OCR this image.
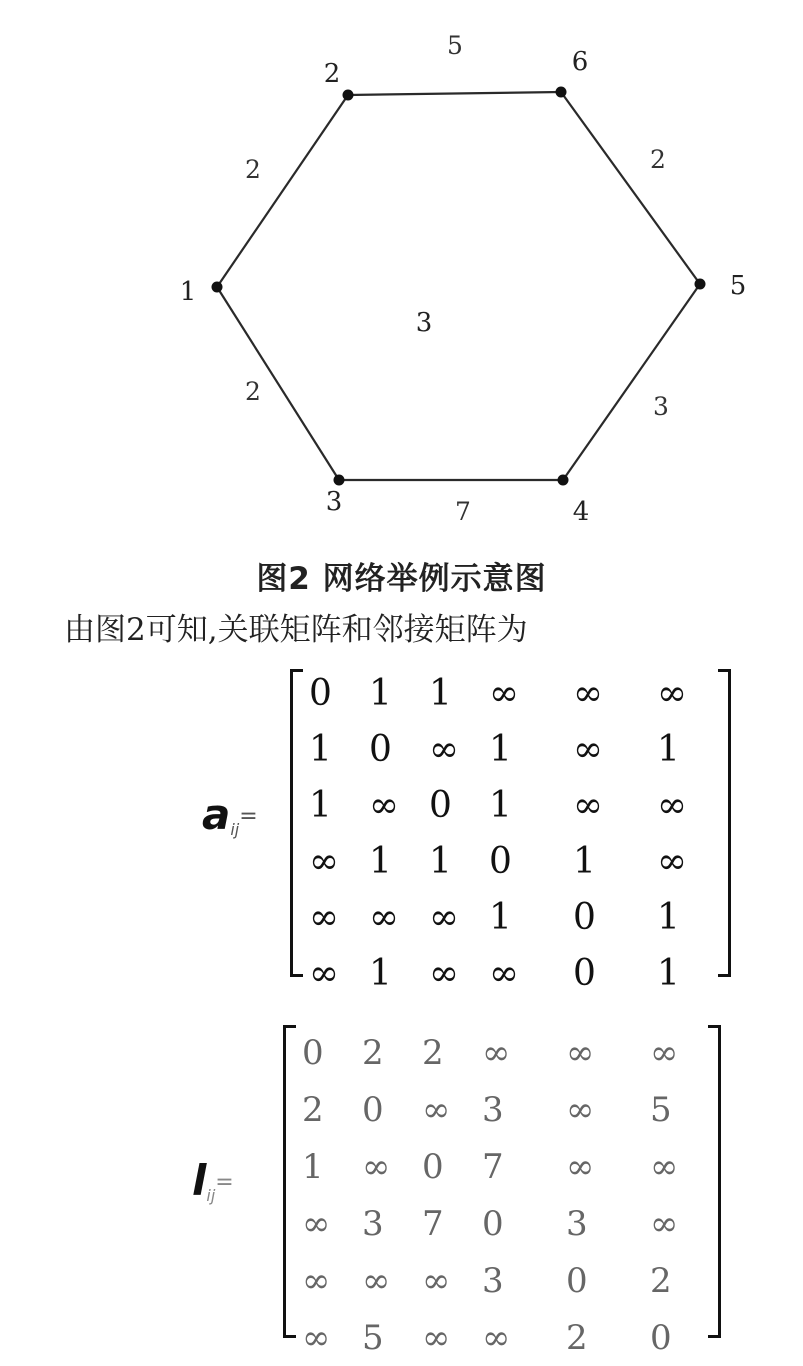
2
5
2
3
7
2
1
2
3	4
5
6
3
图2 网络举例示意图
由图2可知,关联矩阵和邻接矩阵为
aij=
0	1	1	∞	∞	∞
1	0	∞ 1	∞	1
1	∞ 0	1	∞	∞
∞ 1	1	0	1	∞
∞ ∞ ∞ 1	0	1
∞ 1	∞ ∞	0	1
lij=
0	2	2	∞	∞	∞
2	0	∞ 3	∞	5
1	∞ 0	7	∞	∞
∞ 3	7	0	3	∞
∞ ∞ ∞ 3	0	2
∞ 5	∞ ∞	2	0
